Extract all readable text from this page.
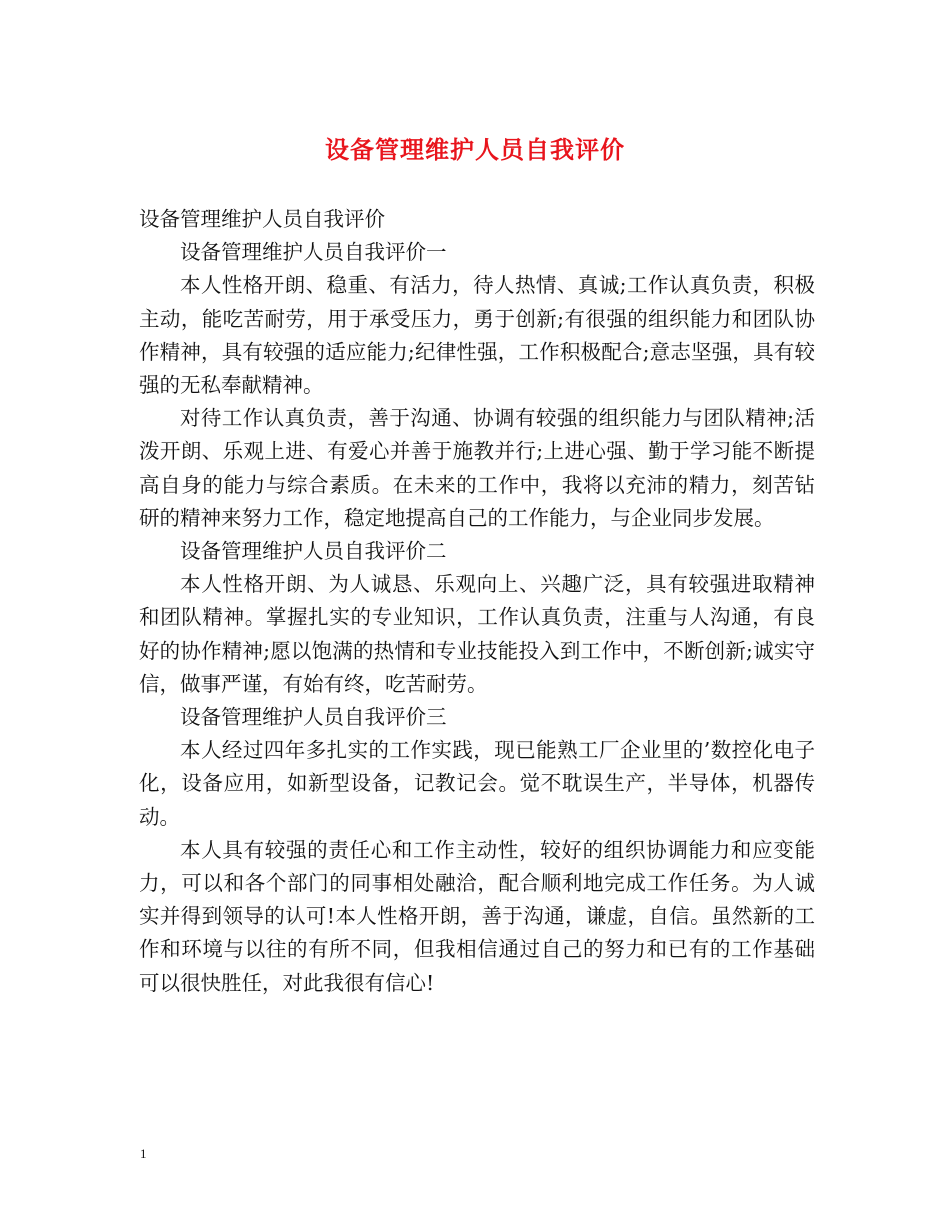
设备管理维护人员自我评价

设备管理维护人员自我评价

设备管理维护人员自我评价一

本人性格开朗、稳重、有活力，待人热情、真诚;工作认真负责，积极主动，能吃苦耐劳，用于承受压力，勇于创新;有很强的组织能力和团队协作精神，具有较强的适应能力;纪律性强，工作积极配合;意志坚强，具有较强的无私奉献精神。

对待工作认真负责，善于沟通、协调有较强的组织能力与团队精神;活泼开朗、乐观上进、有爱心并善于施教并行;上进心强、勤于学习能不断提高自身的能力与综合素质。在未来的工作中，我将以充沛的精力，刻苦钻研的精神来努力工作，稳定地提高自己的工作能力，与企业同步发展。

设备管理维护人员自我评价二

本人性格开朗、为人诚恳、乐观向上、兴趣广泛，具有较强进取精神和团队精神。掌握扎实的专业知识，工作认真负责，注重与人沟通，有良好的协作精神;愿以饱满的热情和专业技能投入到工作中，不断创新;诚实守信，做事严谨，有始有终，吃苦耐劳。

设备管理维护人员自我评价三

本人经过四年多扎实的工作实践，现已能熟工厂企业里的’数控化电子化，设备应用，如新型设备，记教记会。觉不耽误生产，半导体，机器传动。

本人具有较强的责任心和工作主动性，较好的组织协调能力和应变能力，可以和各个部门的同事相处融洽，配合顺利地完成工作任务。为人诚实并得到领导的认可!本人性格开朗，善于沟通，谦虚，自信。虽然新的工作和环境与以往的有所不同，但我相信通过自己的努力和已有的工作基础可以很快胜任，对此我很有信心!

1
